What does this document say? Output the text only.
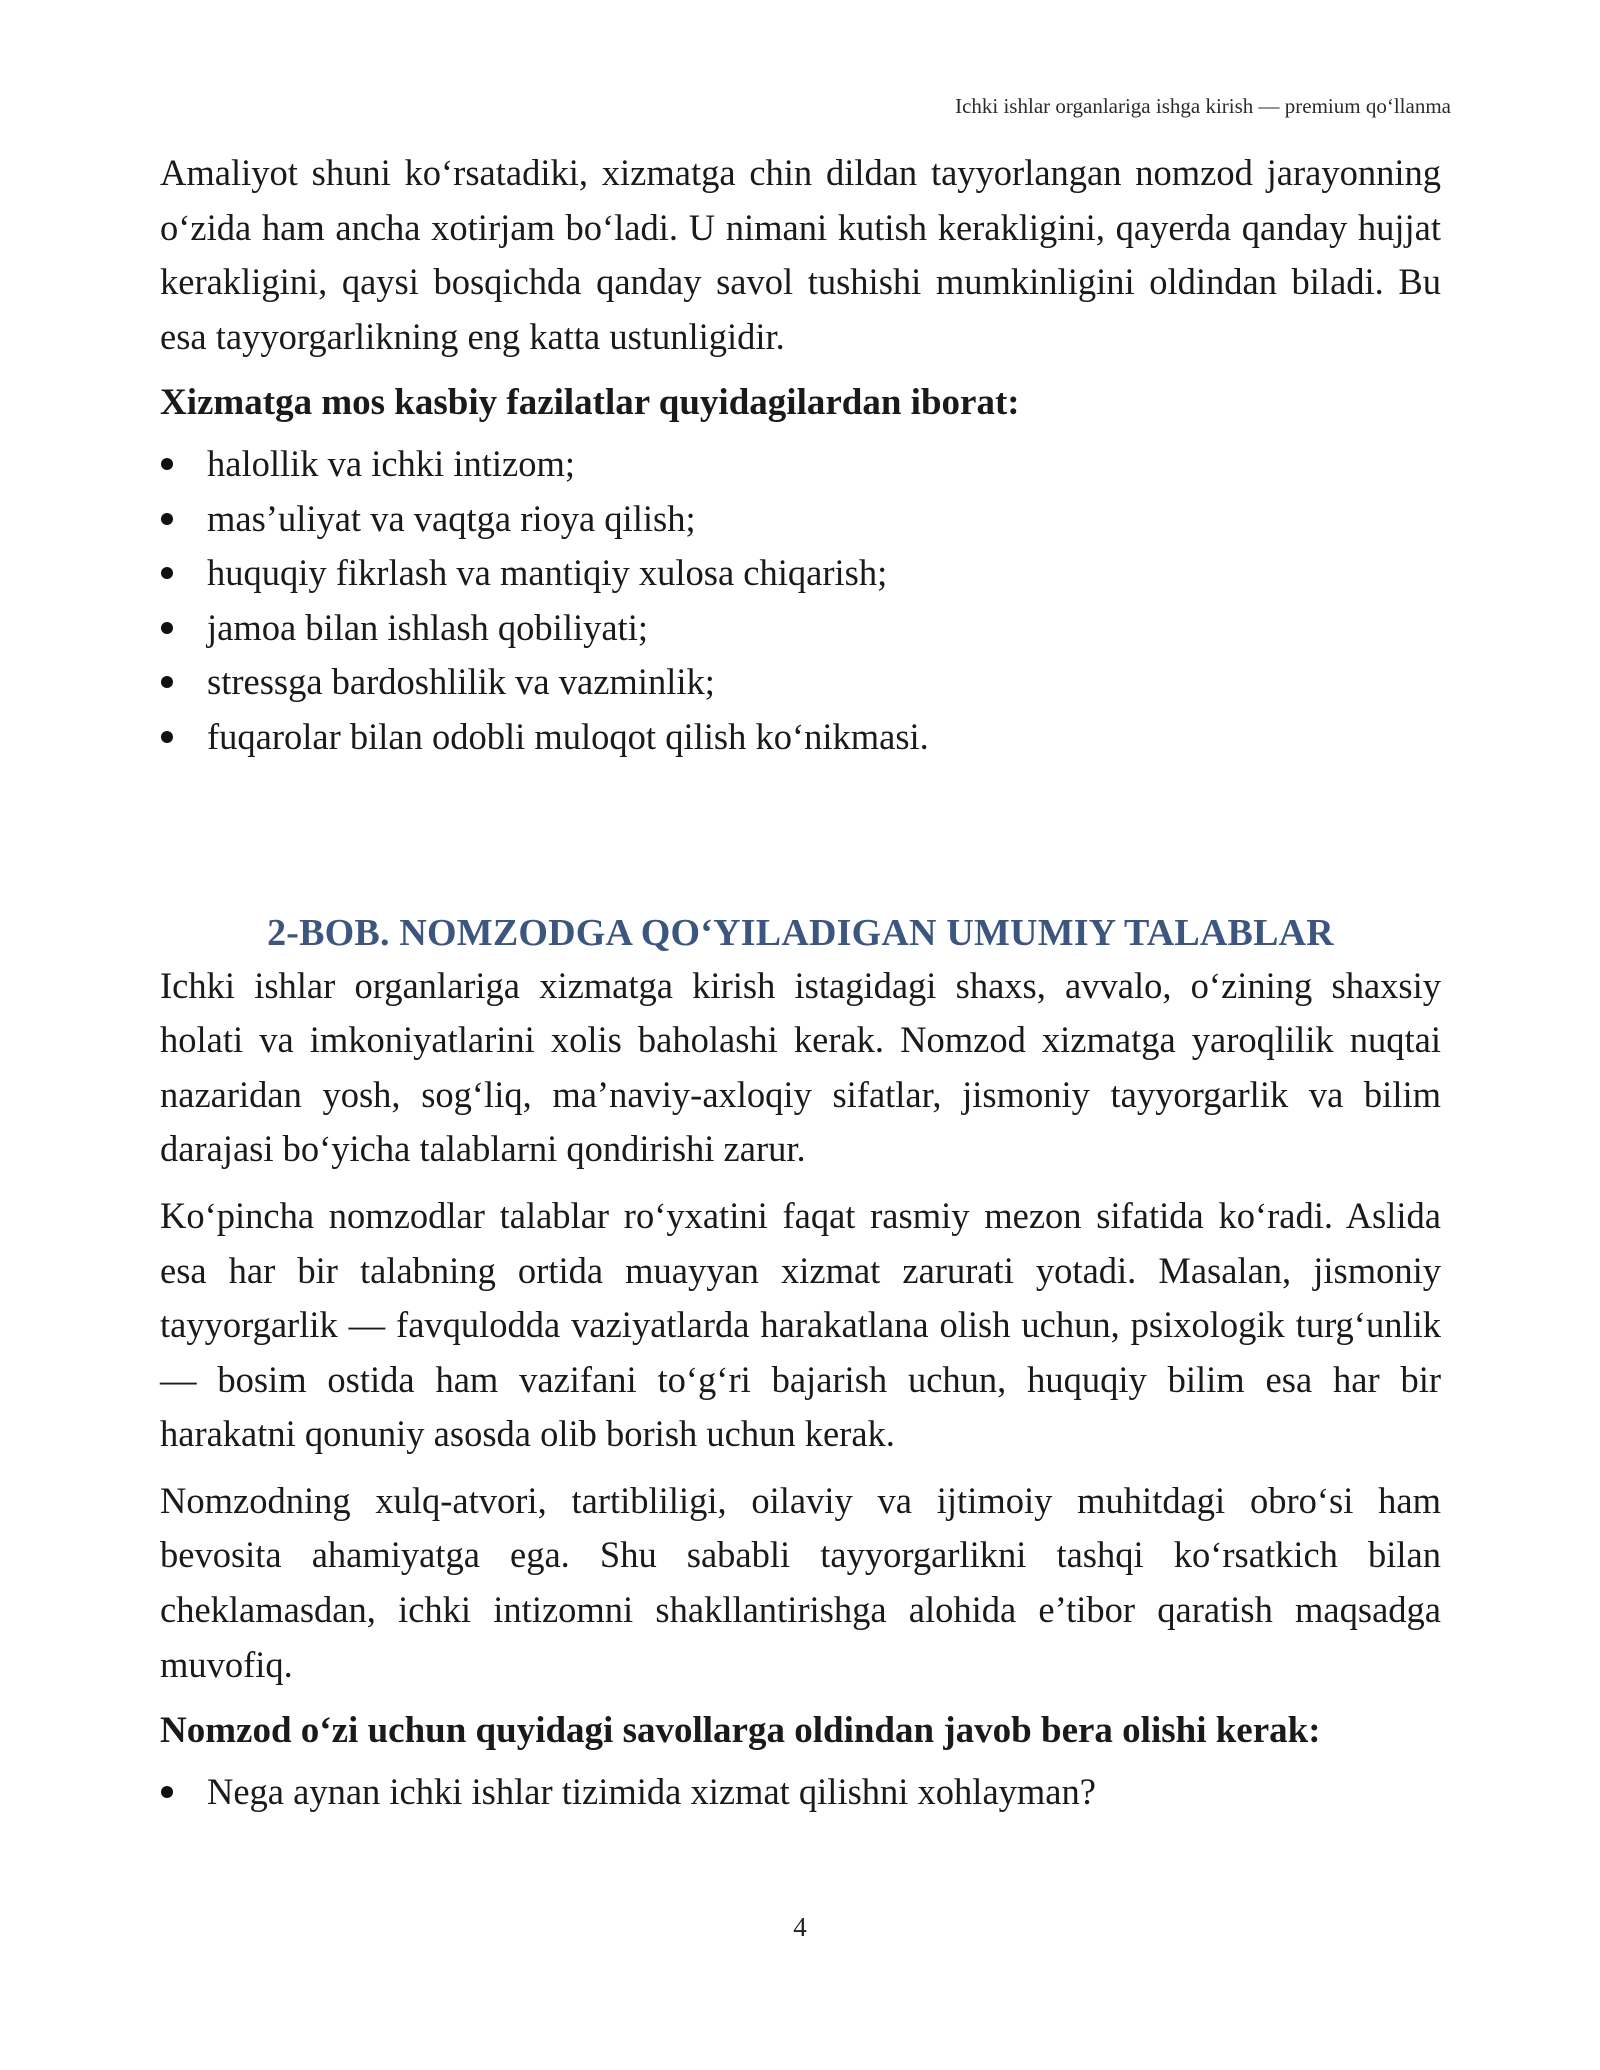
Ichki ishlar organlariga ishga kirish — premium qo‘llanma

Amaliyot shuni ko‘rsatadiki, xizmatga chin dildan tayyorlangan nomzod jarayonning o‘zida ham ancha xotirjam bo‘ladi. U nimani kutish kerakligini, qayerda qanday hujjat kerakligini, qaysi bosqichda qanday savol tushishi mumkinligini oldindan biladi. Bu esa tayyorgarlikning eng katta ustunligidir.

Xizmatga mos kasbiy fazilatlar quyidagilardan iborat:

halollik va ichki intizom;
mas’uliyat va vaqtga rioya qilish;
huquqiy fikrlash va mantiqiy xulosa chiqarish;
jamoa bilan ishlash qobiliyati;
stressga bardoshlilik va vazminlik;
fuqarolar bilan odobli muloqot qilish ko‘nikmasi.
2-BOB. NOMZODGA QO‘YILADIGAN UMUMIY TALABLAR

Ichki ishlar organlariga xizmatga kirish istagidagi shaxs, avvalo, o‘zining shaxsiy holati va imkoniyatlarini xolis baholashi kerak. Nomzod xizmatga yaroqlilik nuqtai nazaridan yosh, sog‘liq, ma’naviy-axloqiy sifatlar, jismoniy tayyorgarlik va bilim darajasi bo‘yicha talablarni qondirishi zarur.

Ko‘pincha nomzodlar talablar ro‘yxatini faqat rasmiy mezon sifatida ko‘radi. Aslida esa har bir talabning ortida muayyan xizmat zarurati yotadi. Masalan, jismoniy tayyorgarlik — favqulodda vaziyatlarda harakatlana olish uchun, psixologik turg‘unlik — bosim ostida ham vazifani to‘g‘ri bajarish uchun, huquqiy bilim esa har bir harakatni qonuniy asosda olib borish uchun kerak.

Nomzodning xulq-atvori, tartibliligi, oilaviy va ijtimoiy muhitdagi obro‘si ham bevosita ahamiyatga ega. Shu sababli tayyorgarlikni tashqi ko‘rsatkich bilan cheklamasdan, ichki intizomni shakllantirishga alohida e’tibor qaratish maqsadga muvofiq.

Nomzod o‘zi uchun quyidagi savollarga oldindan javob bera olishi kerak:

Nega aynan ichki ishlar tizimida xizmat qilishni xohlayman?
4
